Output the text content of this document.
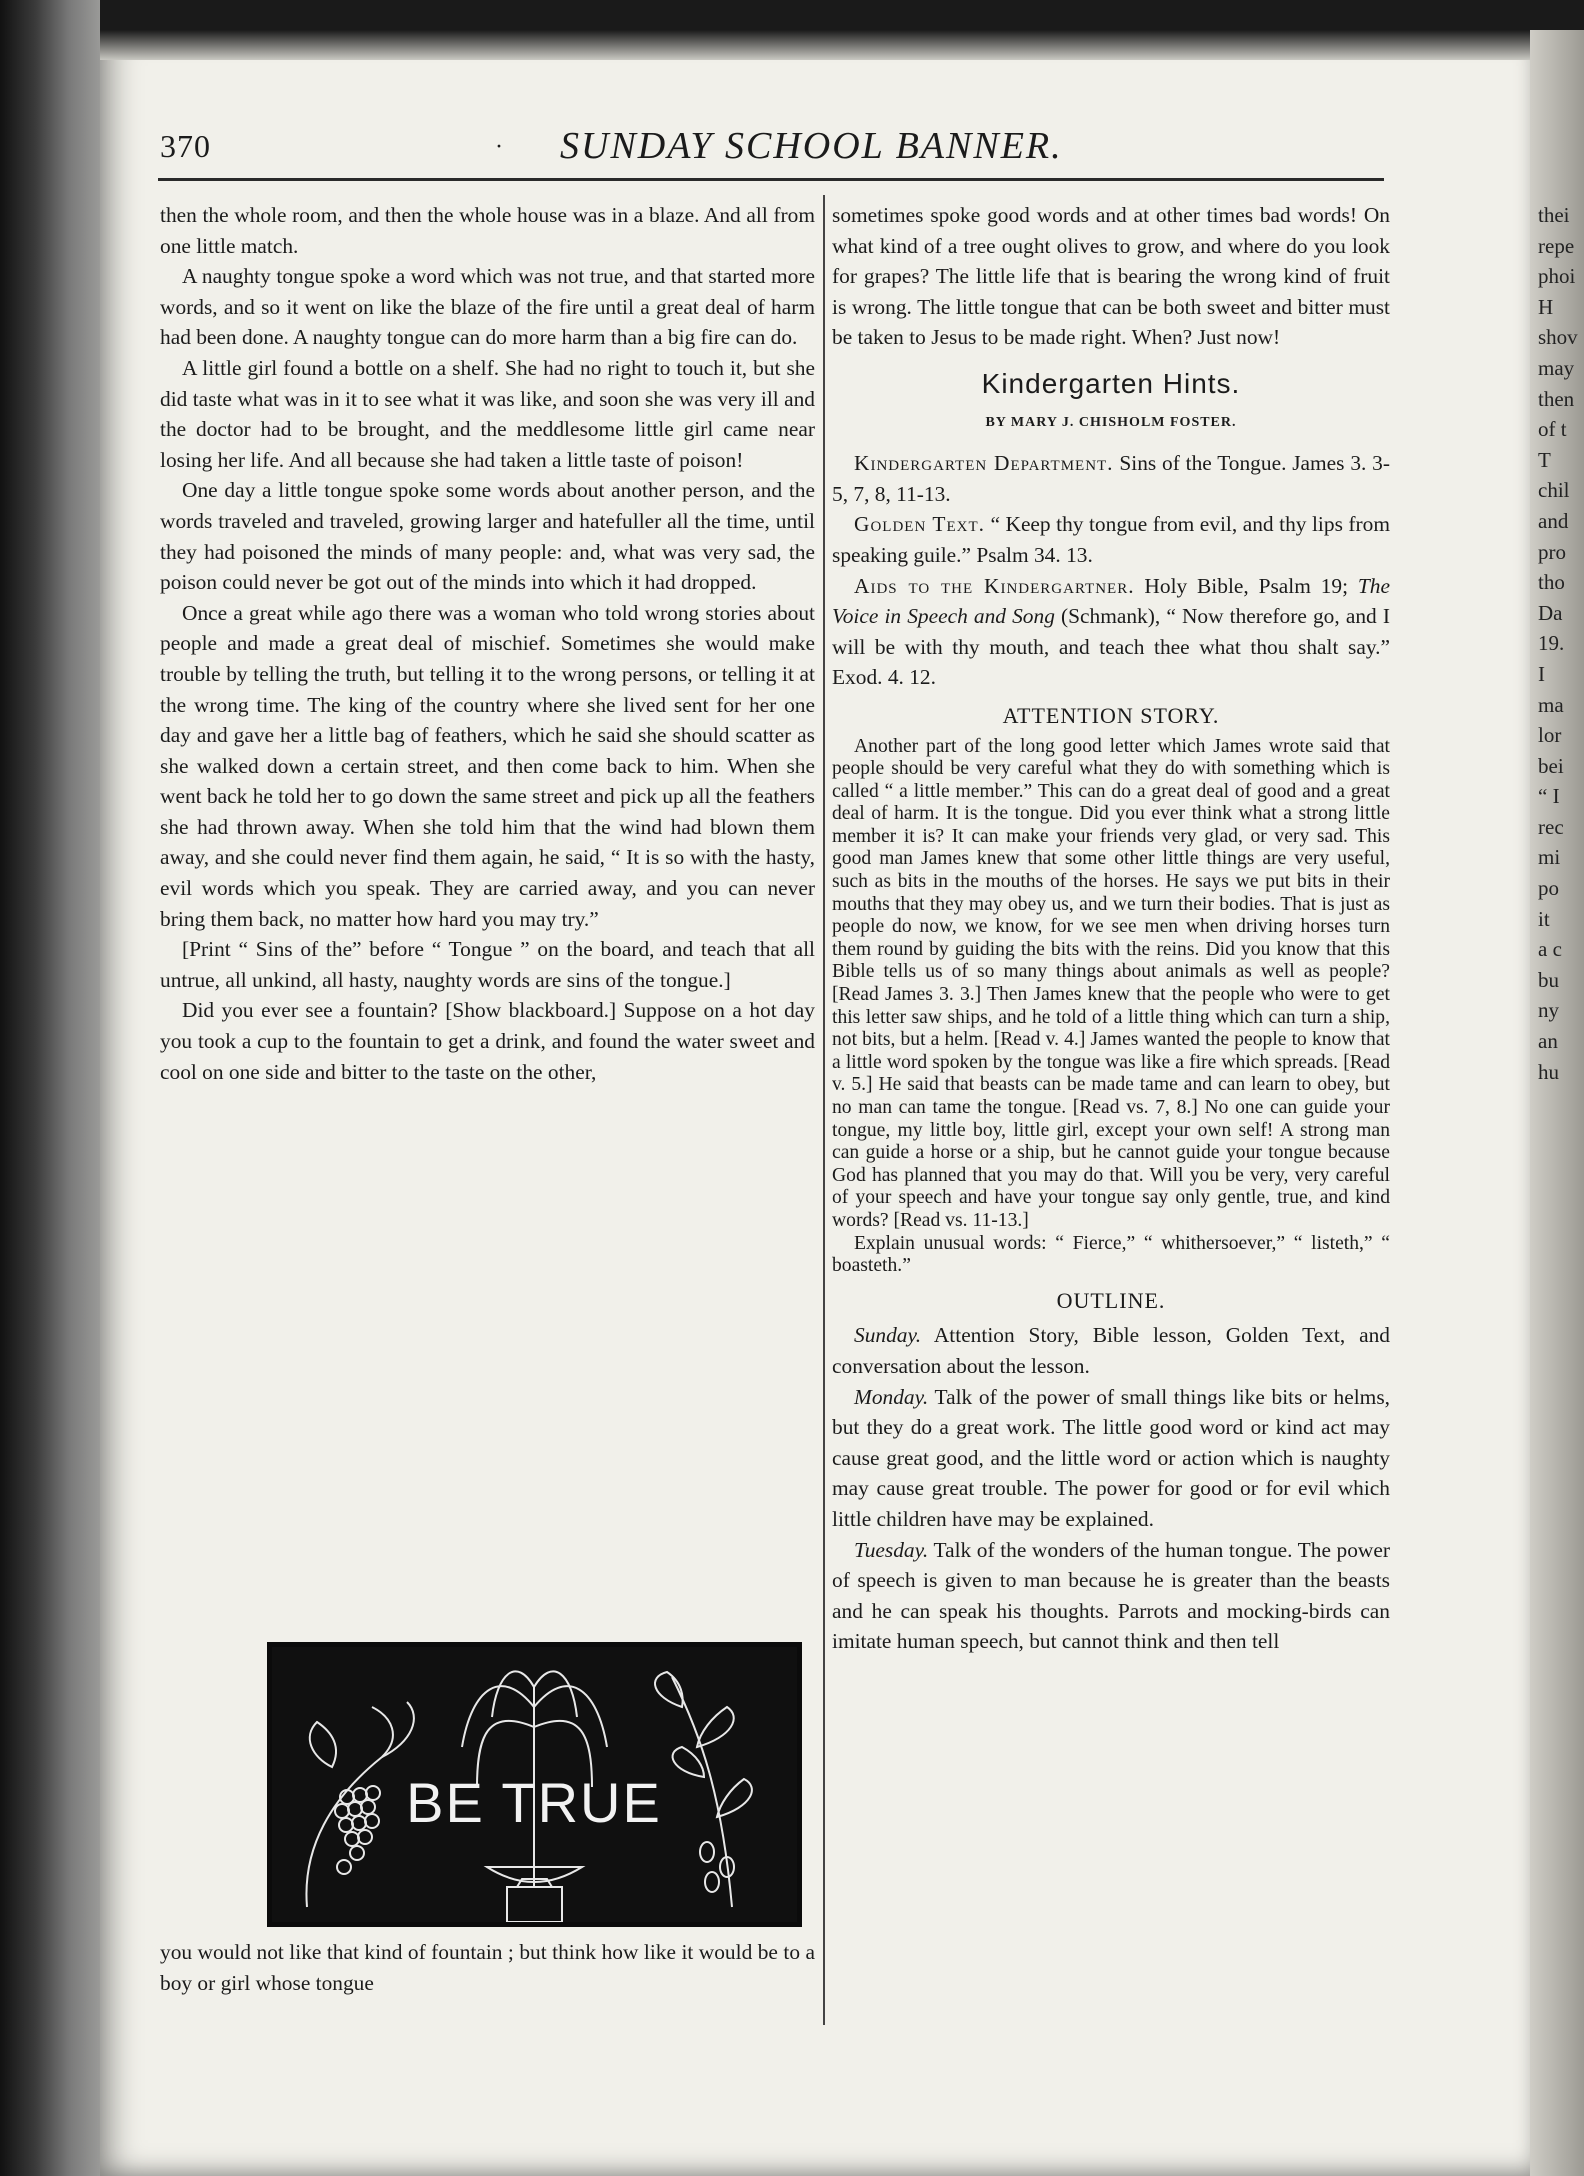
thei
repe
phoi
H
shov
may
then
of t
T
chil
and
pro
tho
Da
19.
I
ma
lor
bei
“ I
rec
mi
po
it
a c
bu
ny
an
hu
370	· SUNDAY SCHOOL BANNER.

then the whole room, and then the whole house was in a blaze. And all from one little match.

A naughty tongue spoke a word which was not true, and that started more words, and so it went on like the blaze of the fire until a great deal of harm had been done. A naughty tongue can do more harm than a big fire can do.

A little girl found a bottle on a shelf. She had no right to touch it, but she did taste what was in it to see what it was like, and soon she was very ill and the doctor had to be brought, and the meddlesome little girl came near losing her life. And all because she had taken a little taste of poison!

One day a little tongue spoke some words about another person, and the words traveled and traveled, growing larger and hatefuller all the time, until they had poisoned the minds of many people: and, what was very sad, the poison could never be got out of the minds into which it had dropped.

Once a great while ago there was a woman who told wrong stories about people and made a great deal of mischief. Sometimes she would make trouble by telling the truth, but telling it to the wrong persons, or telling it at the wrong time. The king of the country where she lived sent for her one day and gave her a little bag of feathers, which he said she should scatter as she walked down a certain street, and then come back to him. When she went back he told her to go down the same street and pick up all the feathers she had thrown away. When she told him that the wind had blown them away, and she could never find them again, he said, “ It is so with the hasty, evil words which you speak. They are carried away, and you can never bring them back, no matter how hard you may try.”

[Print “ Sins of the” before “ Tongue ” on the board, and teach that all untrue, all unkind, all hasty, naughty words are sins of the tongue.]

Did you ever see a fountain? [Show blackboard.] Suppose on a hot day you took a cup to the fountain to get a drink, and found the water sweet and cool on one side and bitter to the taste on the other,

BE TRUE

you would not like that kind of fountain ; but think how like it would be to a boy or girl whose tongue

sometimes spoke good words and at other times bad words! On what kind of a tree ought olives to grow, and where do you look for grapes? The little life that is bearing the wrong kind of fruit is wrong. The little tongue that can be both sweet and bitter must be taken to Jesus to be made right. When? Just now!

Kindergarten Hints.
BY MARY J. CHISHOLM FOSTER.

Kindergarten Department. Sins of the Tongue. James 3. 3-5, 7, 8, 11-13.

Golden Text. “ Keep thy tongue from evil, and thy lips from speaking guile.” Psalm 34. 13.

Aids to the Kindergartner. Holy Bible, Psalm 19; The Voice in Speech and Song (Schmank), “ Now therefore go, and I will be with thy mouth, and teach thee what thou shalt say.” Exod. 4. 12.

ATTENTION STORY.

Another part of the long good letter which James wrote said that people should be very careful what they do with something which is called “ a little member.” This can do a great deal of good and a great deal of harm. It is the tongue. Did you ever think what a strong little member it is? It can make your friends very glad, or very sad. This good man James knew that some other little things are very useful, such as bits in the mouths of the horses. He says we put bits in their mouths that they may obey us, and we turn their bodies. That is just as people do now, we know, for we see men when driving horses turn them round by guiding the bits with the reins. Did you know that this Bible tells us of so many things about animals as well as people? [Read James 3. 3.] Then James knew that the people who were to get this letter saw ships, and he told of a little thing which can turn a ship, not bits, but a helm. [Read v. 4.] James wanted the people to know that a little word spoken by the tongue was like a fire which spreads. [Read v. 5.] He said that beasts can be made tame and can learn to obey, but no man can tame the tongue. [Read vs. 7, 8.] No one can guide your tongue, my little boy, little girl, except your own self! A strong man can guide a horse or a ship, but he cannot guide your tongue because God has planned that you may do that. Will you be very, very careful of your speech and have your tongue say only gentle, true, and kind words? [Read vs. 11-13.]

Explain unusual words: “ Fierce,” “ whithersoever,” “ listeth,” “ boasteth.”

OUTLINE.

Sunday. Attention Story, Bible lesson, Golden Text, and conversation about the lesson.

Monday. Talk of the power of small things like bits or helms, but they do a great work. The little good word or kind act may cause great good, and the little word or action which is naughty may cause great trouble. The power for good or for evil which little children have may be explained.

Tuesday. Talk of the wonders of the human tongue. The power of speech is given to man because he is greater than the beasts and he can speak his thoughts. Parrots and mocking-birds can imitate human speech, but cannot think and then tell
